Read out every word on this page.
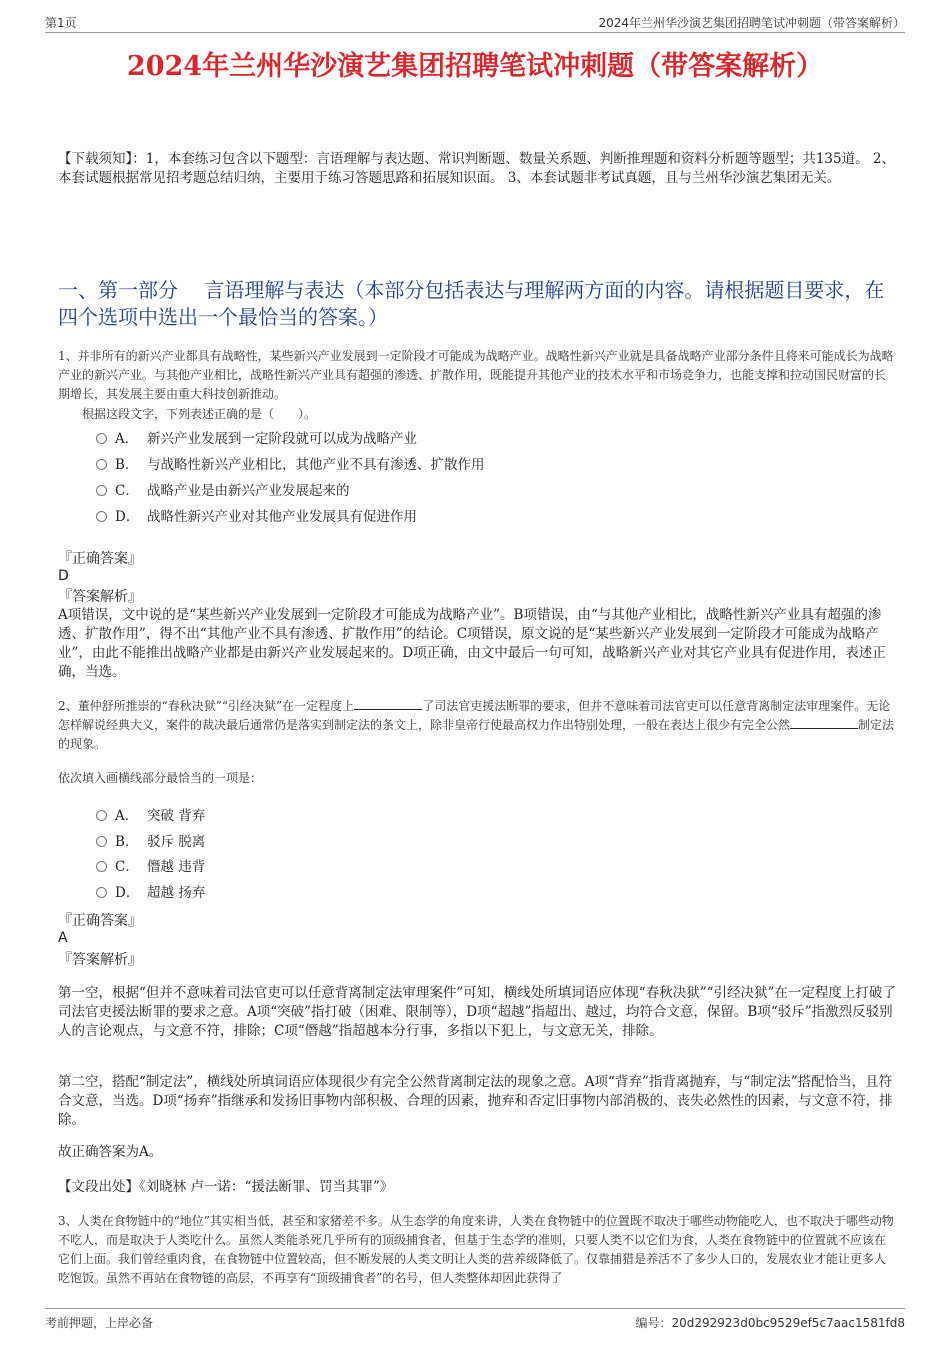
第1页	2024年兰州华沙演艺集团招聘笔试冲刺题（带答案解析）
2024年兰州华沙演艺集团招聘笔试冲刺题（带答案解析）
【下载须知】：1，本套练习包含以下题型：言语理解与表达题、常识判断题、数量关系题、判断推理题和资料分析题等题型；共135道。 2、本套试题根据常见招考题总结归纳，主要用于练习答题思路和拓展知识面。 3、本套试题非考试真题，且与兰州华沙演艺集团无关。
一、第一部分　 言语理解与表达（本部分包括表达与理解两方面的内容。请根据题目要求，在四个选项中选出一个最恰当的答案。）
1、并非所有的新兴产业都具有战略性，某些新兴产业发展到一定阶段才可能成为战略产业。战略性新兴产业就是具备战略产业部分条件且将来可能成长为战略产业的新兴产业。与其他产业相比，战略性新兴产业具有超强的渗透、扩散作用，既能提升其他产业的技术水平和市场竞争力，也能支撑和拉动国民财富的长期增长，其发展主要由重大科技创新推动。
根据这段文字，下列表述正确的是（　　）。
A． 新兴产业发展到一定阶段就可以成为战略产业
B． 与战略性新兴产业相比，其他产业不具有渗透、扩散作用
C． 战略产业是由新兴产业发展起来的
D． 战略性新兴产业对其他产业发展具有促进作用
『正确答案』
D
『答案解析』
A项错误，文中说的是“某些新兴产业发展到一定阶段才可能成为战略产业”。B项错误，由“与其他产业相比，战略性新兴产业具有超强的渗透、扩散作用”，得不出“其他产业不具有渗透、扩散作用”的结论。C项错误，原文说的是“某些新兴产业发展到一定阶段才可能成为战略产业”，由此不能推出战略产业都是由新兴产业发展起来的。D项正确，由文中最后一句可知，战略新兴产业对其它产业具有促进作用，表述正确，当选。
2、董仲舒所推崇的“春秋决狱”“引经决狱”在一定程度上	了司法官吏援法断罪的要求，但并不意味着司法官吏可以任意背离制定法审理案件。无论怎样解说经典大义，案件的裁决最后通常仍是落实到制定法的条文上，除非皇帝行使最高权力作出特别处理，一般在表达上很少有完全公然	制定法的现象。
依次填入画横线部分最恰当的一项是：
A． 突破 背弃
B． 驳斥 脱离
C． 僭越 违背
D． 超越 扬弃
『正确答案』
A
『答案解析』
第一空，根据“但并不意味着司法官吏可以任意背离制定法审理案件”可知，横线处所填词语应体现“春秋决狱”“引经决狱”在一定程度上打破了司法官吏援法断罪的要求之意。A项“突破”指打破（困难、限制等），D项“超越”指超出、越过，均符合文意，保留。B项“驳斥”指激烈反驳别人的言论观点，与文意不符，排除；C项“僭越”指超越本分行事，多指以下犯上，与文意无关，排除。
第二空，搭配“制定法”，横线处所填词语应体现很少有完全公然背离制定法的现象之意。A项“背弃”指背离抛弃，与“制定法”搭配恰当，且符合文意，当选。D项“扬弃”指继承和发扬旧事物内部积极、合理的因素，抛弃和否定旧事物内部消极的、丧失必然性的因素，与文意不符，排除。
故正确答案为A。
【文段出处】《刘晓林 卢一诺：“援法断罪、罚当其罪”》
3、人类在食物链中的“地位”其实相当低，甚至和家猪差不多。从生态学的角度来讲，人类在食物链中的位置既不取决于哪些动物能吃人，也不取决于哪些动物不吃人，而是取决于人类吃什么。虽然人类能杀死几乎所有的顶级捕食者，但基于生态学的准则，只要人类不以它们为食，人类在食物链中的位置就不应该在它们上面。我们曾经重肉食，在食物链中位置较高，但不断发展的人类文明让人类的营养级降低了。仅靠捕猎是养活不了多少人口的，发展农业才能让更多人吃饱饭。虽然不再站在食物链的高层，不再享有“顶级捕食者”的名号，但人类整体却因此获得了
考前押题，上岸必备	编号：20d292923d0bc9529ef5c7aac1581fd8
